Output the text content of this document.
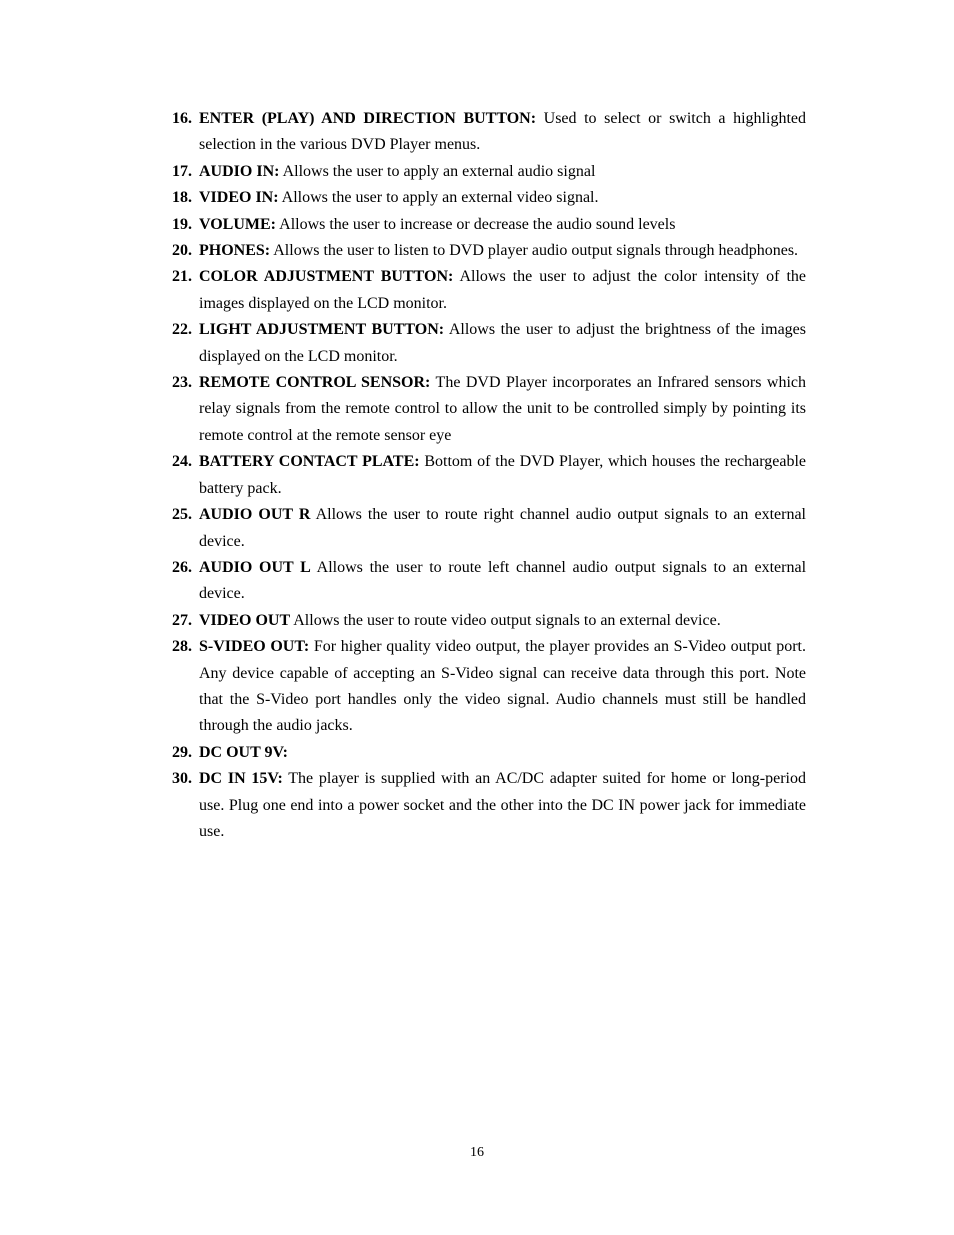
16. ENTER (PLAY) AND DIRECTION BUTTON: Used to select or switch a highlighted selection in the various DVD Player menus.
17. AUDIO IN: Allows the user to apply an external audio signal
18. VIDEO IN: Allows the user to apply an external video signal.
19. VOLUME: Allows the user to increase or decrease the audio sound levels
20. PHONES: Allows the user to listen to DVD player audio output signals through headphones.
21. COLOR ADJUSTMENT BUTTON: Allows the user to adjust the color intensity of the images displayed on the LCD monitor.
22. LIGHT ADJUSTMENT BUTTON: Allows the user to adjust the brightness of the images displayed on the LCD monitor.
23. REMOTE CONTROL SENSOR: The DVD Player incorporates an Infrared sensors which relay signals from the remote control to allow the unit to be controlled simply by pointing its remote control at the remote sensor eye
24. BATTERY CONTACT PLATE: Bottom of the DVD Player, which houses the rechargeable battery pack.
25. AUDIO OUT R Allows the user to route right channel audio output signals to an external device.
26. AUDIO OUT L Allows the user to route left channel audio output signals to an external device.
27. VIDEO OUT Allows the user to route video output signals to an external device.
28. S-VIDEO OUT: For higher quality video output, the player provides an S-Video output port. Any device capable of accepting an S-Video signal can receive data through this port. Note that the S-Video port handles only the video signal. Audio channels must still be handled through the audio jacks.
29. DC OUT 9V:
30. DC IN 15V: The player is supplied with an AC/DC adapter suited for home or long-period use. Plug one end into a power socket and the other into the DC IN power jack for immediate use.
16
